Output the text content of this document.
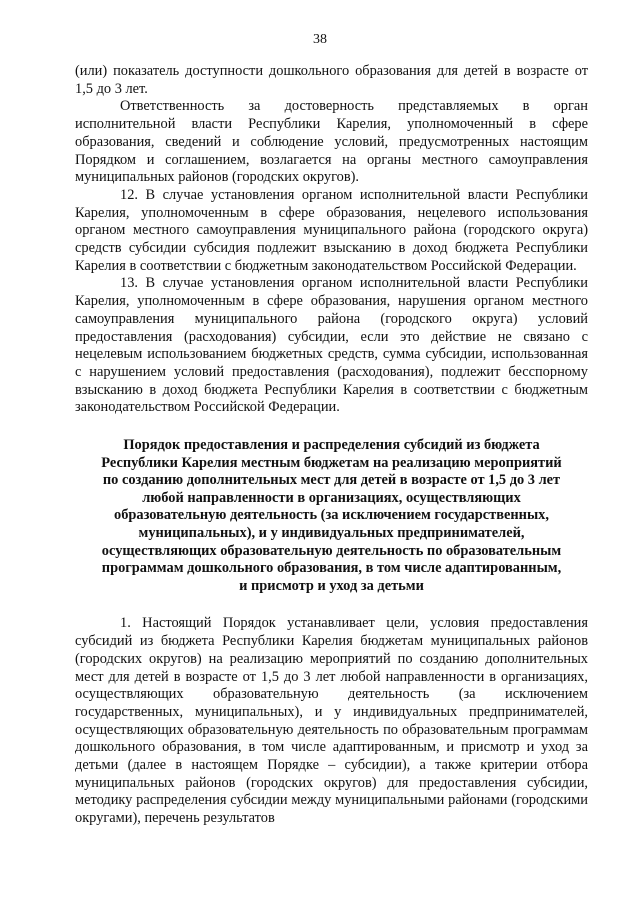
38

(или) показатель доступности дошкольного образования для детей в возрасте от 1,5 до 3 лет.

Ответственность за достоверность представляемых в орган исполнительной власти Республики Карелия, уполномоченный в сфере образования, сведений и соблюдение условий, предусмотренных настоящим Порядком и соглашением, возлагается на органы местного самоуправления муниципальных районов (городских округов).

12. В случае установления органом исполнительной власти Республики Карелия, уполномоченным в сфере образования, нецелевого использования органом местного самоуправления муниципального района (городского округа) средств субсидии субсидия подлежит взысканию в доход бюджета Республики Карелия в соответствии с бюджетным законодательством Российской Федерации.

13. В случае установления органом исполнительной власти Республики Карелия, уполномоченным в сфере образования, нарушения органом местного самоуправления муниципального района (городского округа) условий предоставления (расходования) субсидии, если это действие не связано с нецелевым использованием бюджетных средств, сумма субсидии, использованная с нарушением условий предоставления (расходования), подлежит бесспорному взысканию в доход бюджета Республики Карелия в соответствии с бюджетным законодательством Российской Федерации.

Порядок предоставления и распределения субсидий из бюджета
Республики Карелия местным бюджетам на реализацию мероприятий
по созданию дополнительных мест для детей в возрасте от 1,5 до 3 лет
любой направленности в организациях, осуществляющих
образовательную деятельность (за исключением государственных,
муниципальных), и у индивидуальных предпринимателей,
осуществляющих образовательную деятельность по образовательным
программам дошкольного образования, в том числе адаптированным,
и присмотр и уход за детьми

1. Настоящий Порядок устанавливает цели, условия предоставления субсидий из бюджета Республики Карелия бюджетам муниципальных районов (городских округов) на реализацию мероприятий по созданию дополнительных мест для детей в возрасте от 1,5 до 3 лет любой направленности в организациях, осуществляющих образовательную деятельность (за исключением государственных, муниципальных), и у индивидуальных предпринимателей, осуществляющих образовательную деятельность по образовательным программам дошкольного образования, в том числе адаптированным, и присмотр и уход за детьми (далее в настоящем Порядке – субсидии), а также критерии отбора муниципальных районов (городских округов) для предоставления субсидии, методику распределения субсидии между муниципальными районами (городскими округами), перечень результатов
